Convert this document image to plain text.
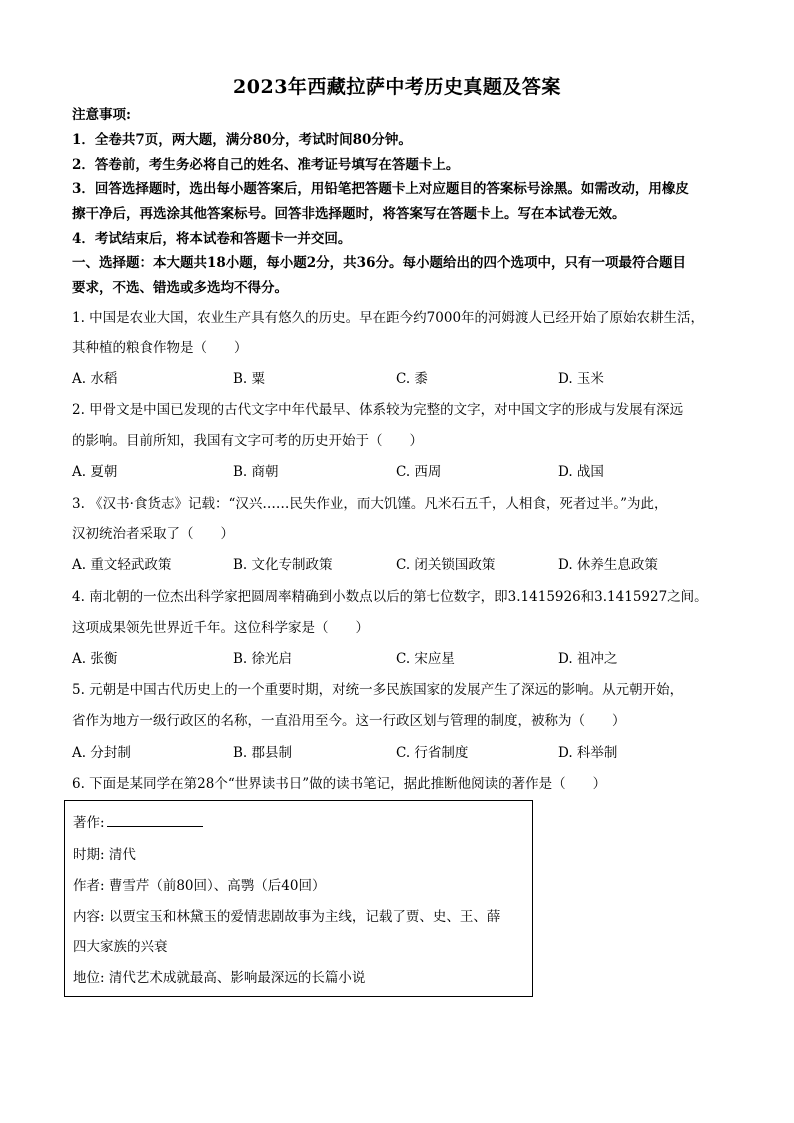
2023年西藏拉萨中考历史真题及答案
注意事项:
1．全卷共7页，两大题，满分80分，考试时间80分钟。
2．答卷前，考生务必将自己的姓名、准考证号填写在答题卡上。
3．回答选择题时，选出每小题答案后，用铅笔把答题卡上对应题目的答案标号涂黑。如需改动，用橡皮
擦干净后，再选涂其他答案标号。回答非选择题时，将答案写在答题卡上。写在本试卷无效。
4．考试结束后，将本试卷和答题卡一并交回。
一、选择题：本大题共18小题，每小题2分，共36分。每小题给出的四个选项中，只有一项最符合题目
要求，不选、错选或多选均不得分。
1. 中国是农业大国，农业生产具有悠久的历史。早在距今约7000年的河姆渡人已经开始了原始农耕生活，
其种植的粮食作物是（　　）
A. 水稻	B. 粟	C. 黍	D. 玉米
2. 甲骨文是中国已发现的古代文字中年代最早、体系较为完整的文字，对中国文字的形成与发展有深远
的影响。目前所知，我国有文字可考的历史开始于（　　）
A. 夏朝	B. 商朝	C. 西周	D. 战国
3. 《汉书·食货志》记载：“汉兴……民失作业，而大饥馑。凡米石五千，人相食，死者过半。”为此，
汉初统治者采取了（　　）
A. 重文轻武政策	B. 文化专制政策	C. 闭关锁国政策	D. 休养生息政策
4. 南北朝的一位杰出科学家把圆周率精确到小数点以后的第七位数字，即3.1415926和3.1415927之间。
这项成果领先世界近千年。这位科学家是（　　）
A. 张衡	B. 徐光启	C. 宋应星	D. 祖冲之
5. 元朝是中国古代历史上的一个重要时期，对统一多民族国家的发展产生了深远的影响。从元朝开始，
省作为地方一级行政区的名称，一直沿用至今。这一行政区划与管理的制度，被称为（　　）
A. 分封制	B. 郡县制	C. 行省制度	D. 科举制
6. 下面是某同学在第28个“世界读书日”做的读书笔记，据此推断他阅读的著作是（　　）
著作:
时期: 清代
作者: 曹雪芹（前80回）、高鹗（后40回）
内容: 以贾宝玉和林黛玉的爱情悲剧故事为主线，记载了贾、史、王、薛
四大家族的兴衰
地位: 清代艺术成就最高、影响最深远的长篇小说
